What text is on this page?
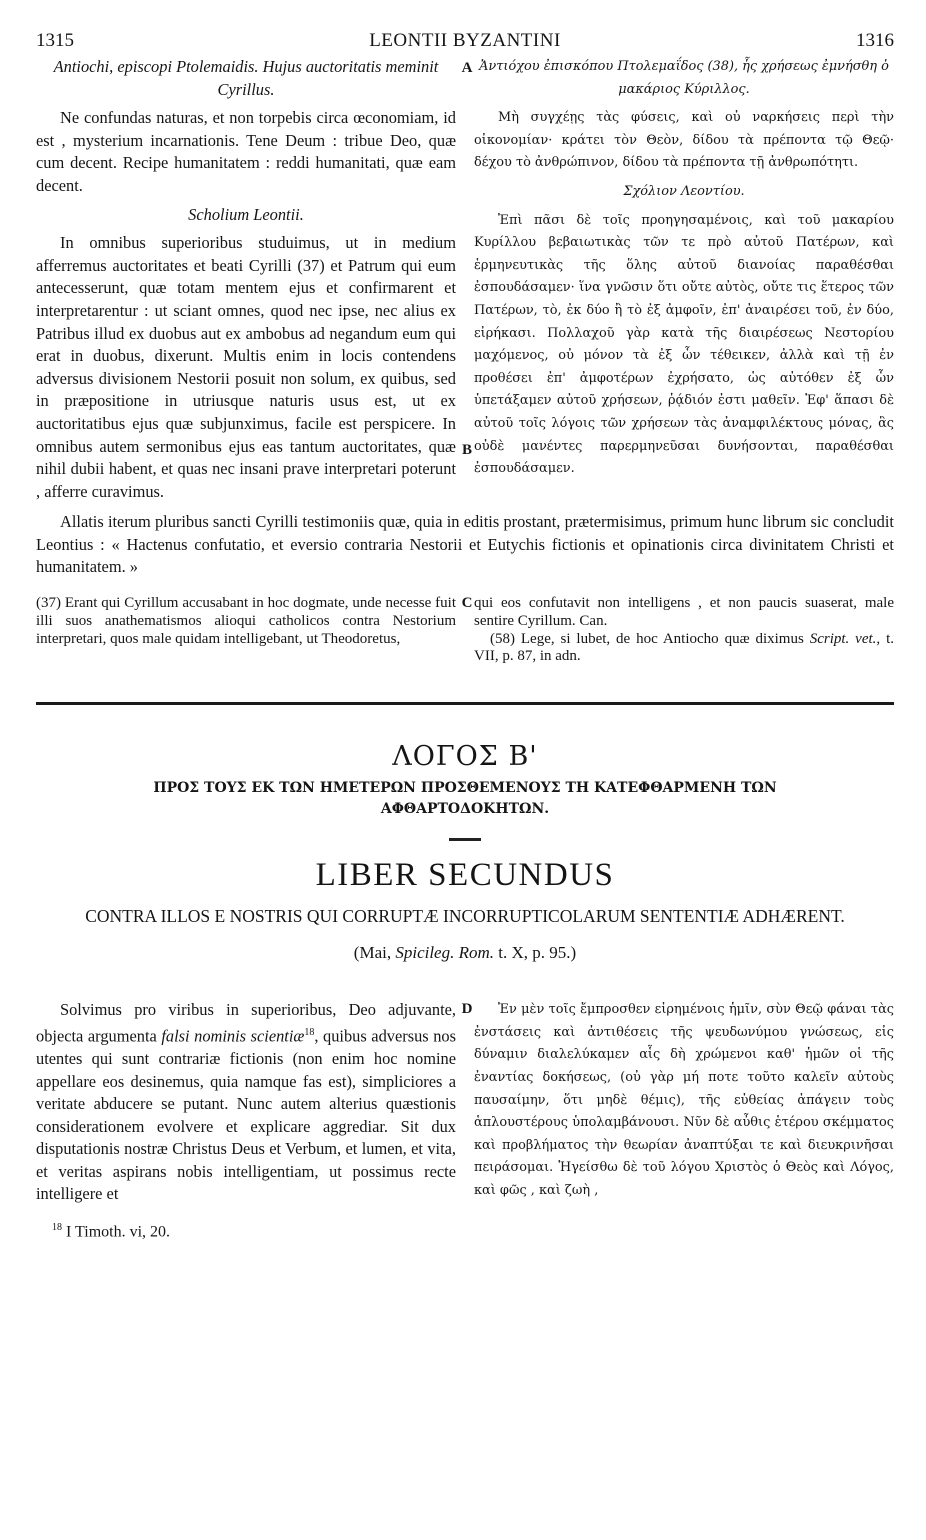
1315	LEONTII BYZANTINI	1316
A
B

Antiochi, episcopi Ptolemaidis. Hujus auctoritatis meminit Cyrillus.

Ne confundas naturas, et non torpebis circa œconomiam, id est , mysterium incarnationis. Tene Deum : tribue Deo, quæ cum decent. Recipe humanitatem : reddi humanitati, quæ eam decent.

Scholium Leontii.

In omnibus superioribus studuimus, ut in medium afferremus auctoritates et beati Cyrilli (37) et Patrum qui eum antecesserunt, quæ totam mentem ejus et confirmarent et interpretarentur : ut sciant omnes, quod nec ipse, nec alius ex Patribus illud ex duobus aut ex ambobus ad negandum eum qui erat in duobus, dixerunt. Multis enim in locis contendens adversus divisionem Nestorii posuit non solum, ex quibus, sed in præpositione in utriusque naturis usus est, ut ex auctoritatibus ejus quæ subjunximus, facile est perspicere. In omnibus autem sermonibus ejus eas tantum auctoritates, quæ nihil dubii habent, et quas nec insani prave interpretari poterunt , afferre curavimus.

Ἀντιόχου ἐπισκόπου Πτολεμαΐδος (38), ἧς χρήσεως ἐμνήσθη ὁ μακάριος Κύριλλος.

Μὴ συγχέῃς τὰς φύσεις, καὶ οὐ ναρκήσεις περὶ τὴν οἰκονομίαν· κράτει τὸν Θεὸν, δίδου τὰ πρέποντα τῷ Θεῷ· δέχου τὸ ἀνθρώπινον, δίδου τὰ πρέποντα τῇ ἀνθρωπότητι.

Σχόλιον Λεοντίου.

Ἐπὶ πᾶσι δὲ τοῖς προηγησαμένοις, καὶ τοῦ μακαρίου Κυρίλλου βεβαιωτικὰς τῶν τε πρὸ αὐτοῦ Πατέρων, καὶ ἑρμηνευτικὰς τῆς ὅλης αὐτοῦ διανοίας παραθέσθαι ἐσπουδάσαμεν· ἵνα γνῶσιν ὅτι οὔτε αὐτὸς, οὔτε τις ἕτερος τῶν Πατέρων, τὸ, ἐκ δύο ἢ τὸ ἐξ ἀμφοῖν, ἐπ' ἀναιρέσει τοῦ, ἐν δύο, εἰρήκασι. Πολλαχοῦ γὰρ κατὰ τῆς διαιρέσεως Νεστορίου μαχόμενος, οὐ μόνον τὰ ἐξ ὧν τέθεικεν, ἀλλὰ καὶ τῇ ἐν προθέσει ἐπ' ἀμφοτέρων ἐχρήσατο, ὡς αὐτόθεν ἐξ ὧν ὑπετάξαμεν αὐτοῦ χρήσεων, ῥᾴδιόν ἐστι μαθεῖν. Ἐφ' ἅπασι δὲ αὐτοῦ τοῖς λόγοις τῶν χρήσεων τὰς ἀναμφιλέκτους μόνας, ἃς οὐδὲ μανέντες παρερμηνεῦσαι δυνήσονται, παραθέσθαι ἐσπουδάσαμεν.

Allatis iterum pluribus sancti Cyrilli testimoniis quæ, quia in editis prostant, prætermisimus, primum hunc librum sic concludit Leontius : « Hactenus confutatio, et eversio contraria Nestorii et Eutychis fictionis et opinationis circa divinitatem Christi et humanitatem. »

C

(37) Erant qui Cyrillum accusabant in hoc dogmate, unde necesse fuit illi suos anathematismos alioqui catholicos contra Nestorium interpretari, quos male quidam intelligebant, ut Theodoretus,

qui eos confutavit non intelligens , et non paucis suaserat, male sentire Cyrillum. Can.

(58) Lege, si lubet, de hoc Antiocho quæ diximus Script. vet., t. VII, p. 87, in adn.

ΛΟΓΟΣ Β'
ΠΡΟΣ ΤΟΥΣ ΕΚ ΤΩΝ ΗΜΕΤΕΡΩΝ ΠΡΟΣΘΕΜΕΝΟΥΣ ΤΗ ΚΑΤΕΦΘΑΡΜΕΝΗ ΤΩΝ ΑΦΘΑΡΤΟΔΟΚΗΤΩΝ.
LIBER SECUNDUS
CONTRA ILLOS E NOSTRIS QUI CORRUPTÆ INCORRUPTICOLARUM SENTENTIÆ ADHÆRENT.
(Mai, Spicileg. Rom. t. X, p. 95.)
D

Solvimus pro viribus in superioribus, Deo adjuvante, objecta argumenta falsi nominis scientiæ$^{18}$, quibus adversus nos utentes qui sunt contrariæ fictionis (non enim hoc nomine appellare eos desinemus, quia namque fas est), simpliciores a veritate abducere se putant. Nunc autem alterius quæstionis considerationem evolvere et explicare aggrediar. Sit dux disputationis nostræ Christus Deus et Verbum, et lumen, et vita, et veritas aspirans nobis intelligentiam, ut possimus recte intelligere et

Ἐν μὲν τοῖς ἔμπροσθεν εἰρημένοις ἡμῖν, σὺν Θεῷ φάναι τὰς ἐνστάσεις καὶ ἀντιθέσεις τῆς ψευδωνύμου γνώσεως, εἰς δύναμιν διαλελύκαμεν αἷς δὴ χρώμενοι καθ' ἡμῶν οἱ τῆς ἐναντίας δοκήσεως, (οὐ γὰρ μή ποτε τοῦτο καλεῖν αὐτοὺς παυσαίμην, ὅτι μηδὲ θέμις), τῆς εὐθείας ἀπάγειν τοὺς ἁπλουστέρους ὑπολαμβάνουσι. Νῦν δὲ αὖθις ἑτέρου σκέμματος καὶ προβλήματος τὴν θεωρίαν ἀναπτύξαι τε καὶ διευκρινῆσαι πειράσομαι. Ἡγείσθω δὲ τοῦ λόγου Χριστὸς ὁ Θεὸς καὶ Λόγος, καὶ φῶς , καὶ ζωὴ ,

$^{18}$ I Timoth. vi, 20.
